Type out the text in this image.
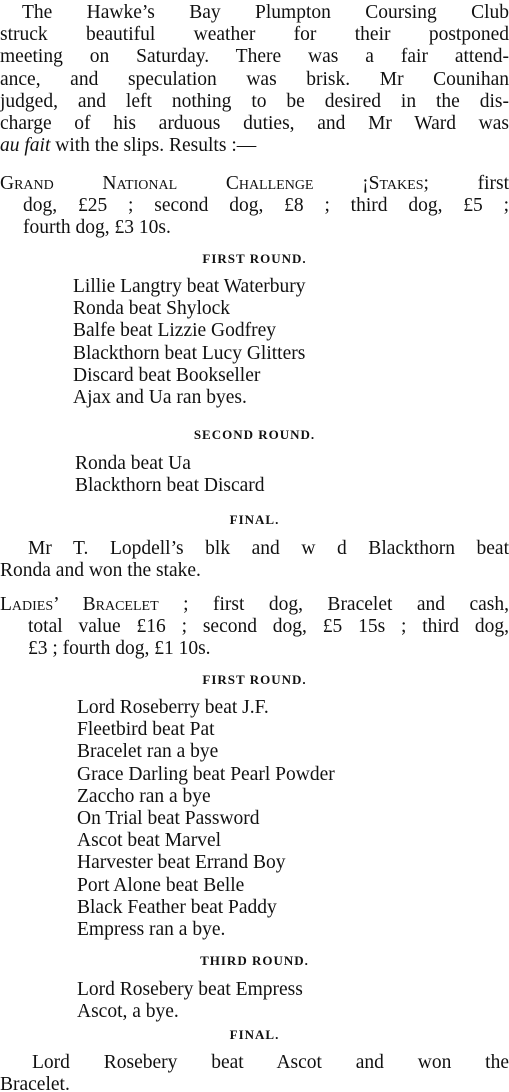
The Hawke’s Bay Plumpton Coursing Club
struck beautiful weather for their postponed
meeting on Saturday. There was a fair attend-
ance, and speculation was brisk. Mr Counihan
judged, and left nothing to be desired in the dis-
charge of his arduous duties, and Mr Ward was
au fait with the slips. Results :—
Grand National Challenge ¡Stakes; first
dog, £25 ; second dog, £8 ; third dog, £5 ;
fourth dog, £3 10s.
FIRST ROUND.
Lillie Langtry beat Waterbury
Ronda beat Shylock
Balfe beat Lizzie Godfrey
Blackthorn beat Lucy Glitters
Discard beat Bookseller
Ajax and Ua ran byes.
SECOND ROUND.
Ronda beat Ua
Blackthorn beat Discard
FINAL.
Mr T. Lopdell’s blk and w d Blackthorn beat
Ronda and won the stake.
Ladies’ Bracelet ; first dog, Bracelet and cash,
total value £16 ; second dog, £5 15s ; third dog,
£3 ; fourth dog, £1 10s.
FIRST ROUND.
Lord Roseberry beat J.F.
Fleetbird beat Pat
Bracelet ran a bye
Grace Darling beat Pearl Powder
Zaccho ran a bye
On Trial beat Password
Ascot beat Marvel
Harvester beat Errand Boy
Port Alone beat Belle
Black Feather beat Paddy
Empress ran a bye.
THIRD ROUND.
Lord Rosebery beat Empress
Ascot, a bye.
FINAL.
Lord Rosebery beat Ascot and won the
Bracelet.
